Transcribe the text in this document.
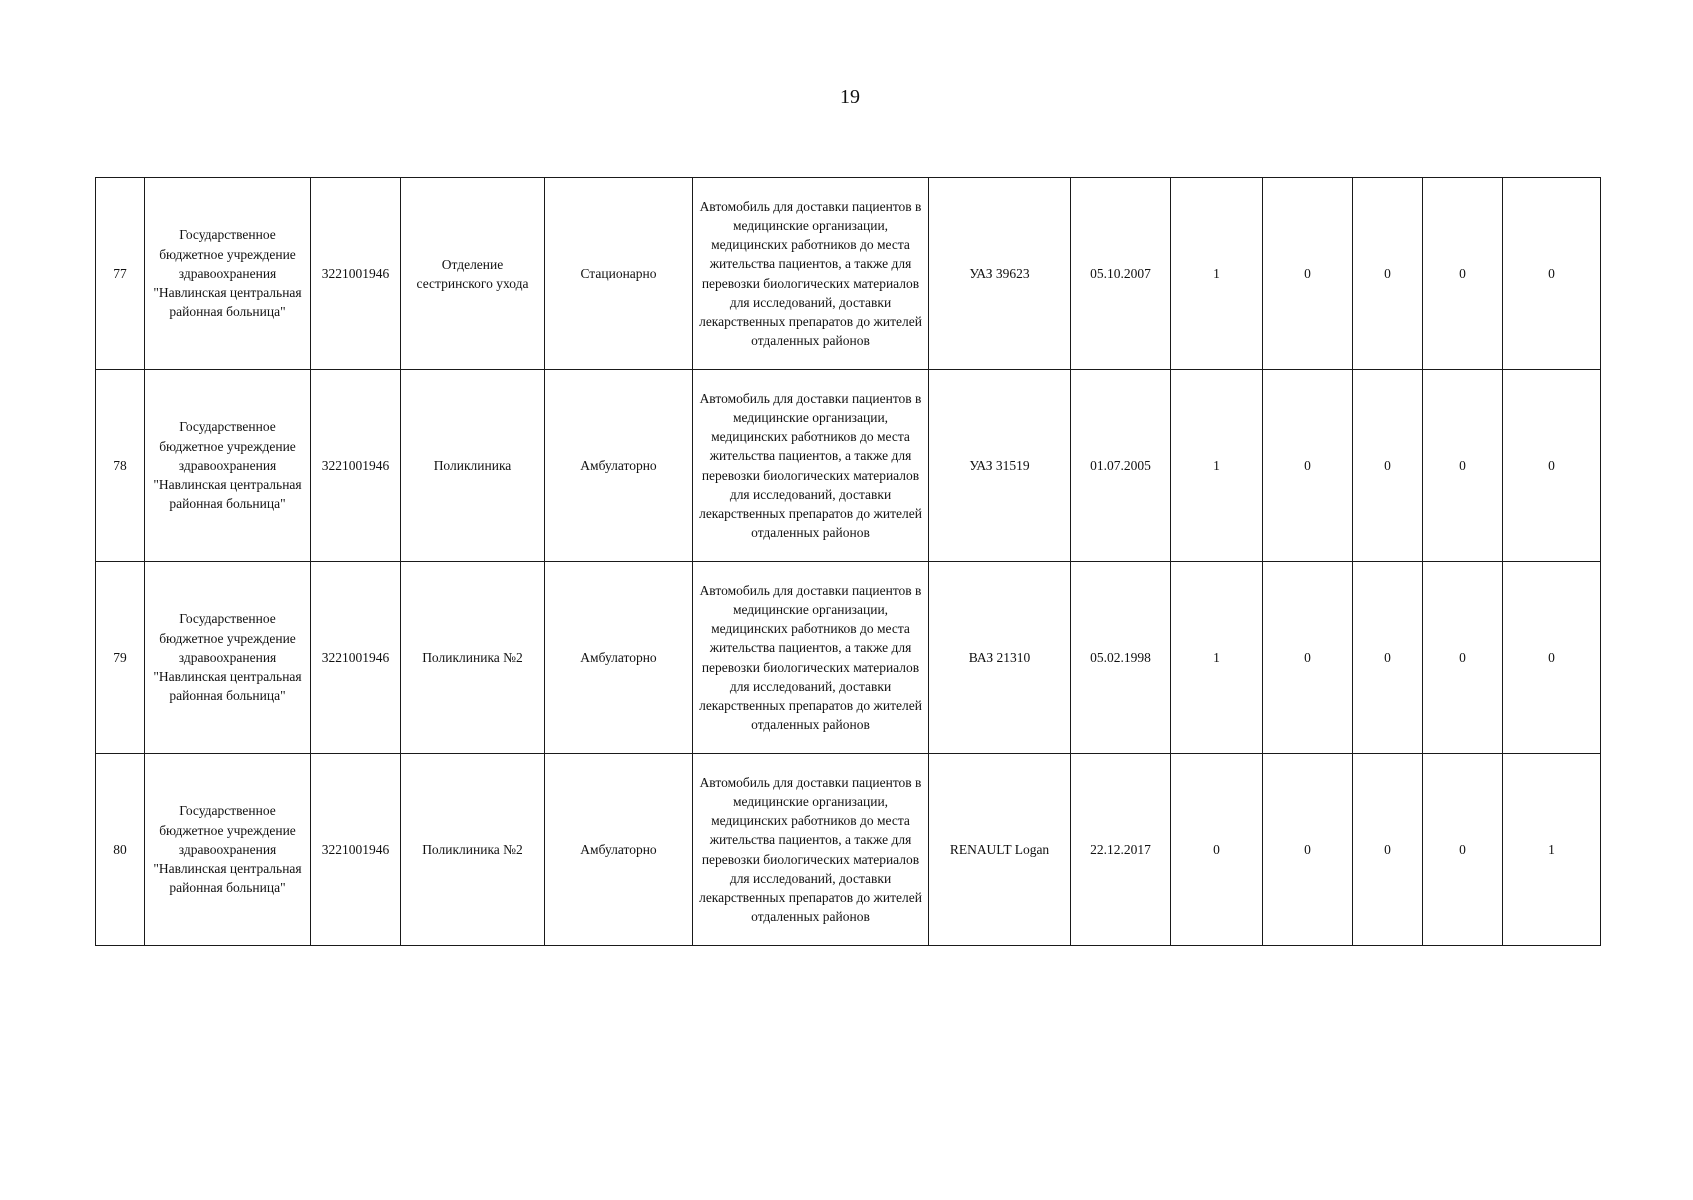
19
77	Государственное бюджетное учреждение здравоохранения "Навлинская центральная районная больница"	3221001946	Отделение сестринского ухода	Стационарно	Автомобиль для доставки пациентов в медицинские организации, медицинских работников до места жительства пациентов, а также для перевозки биологических материалов для исследований, доставки лекарственных препаратов до жителей отдаленных районов	УАЗ 39623	05.10.2007	1	0	0	0	0
78	Государственное бюджетное учреждение здравоохранения "Навлинская центральная районная больница"	3221001946	Поликлиника	Амбулаторно	Автомобиль для доставки пациентов в медицинские организации, медицинских работников до места жительства пациентов, а также для перевозки биологических материалов для исследований, доставки лекарственных препаратов до жителей отдаленных районов	УАЗ 31519	01.07.2005	1	0	0	0	0
79	Государственное бюджетное учреждение здравоохранения "Навлинская центральная районная больница"	3221001946	Поликлиника №2	Амбулаторно	Автомобиль для доставки пациентов в медицинские организации, медицинских работников до места жительства пациентов, а также для перевозки биологических материалов для исследований, доставки лекарственных препаратов до жителей отдаленных районов	ВАЗ 21310	05.02.1998	1	0	0	0	0
80	Государственное бюджетное учреждение здравоохранения "Навлинская центральная районная больница"	3221001946	Поликлиника №2	Амбулаторно	Автомобиль для доставки пациентов в медицинские организации, медицинских работников до места жительства пациентов, а также для перевозки биологических материалов для исследований, доставки лекарственных препаратов до жителей отдаленных районов	RENAULT Logan	22.12.2017	0	0	0	0	1
